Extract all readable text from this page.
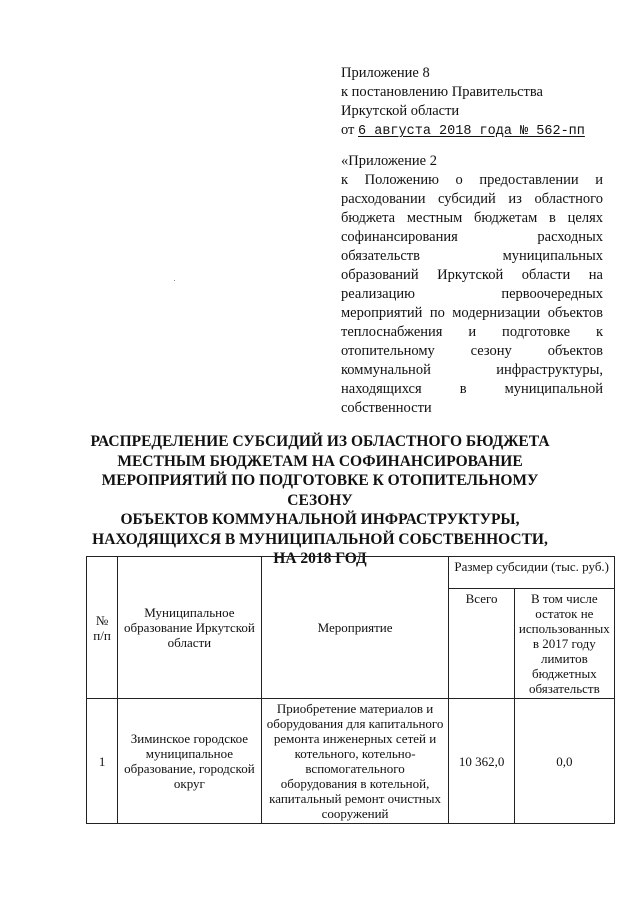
Приложение 8
к постановлению Правительства
Иркутской области
от 6 августа 2018 года № 562-пп
«Приложение 2
к Положению о предоставлении и расходовании субсидий из областного бюджета местным бюджетам в целях софинансирования расходных обязательств муниципальных образований Иркутской области на реализацию первоочередных мероприятий по модернизации объектов теплоснабжения и подготовке к отопительному сезону объектов коммунальной инфраструктуры, находящихся в муниципальной собственности
РАСПРЕДЕЛЕНИЕ СУБСИДИЙ ИЗ ОБЛАСТНОГО БЮДЖЕТА
МЕСТНЫМ БЮДЖЕТАМ НА СОФИНАНСИРОВАНИЕ
МЕРОПРИЯТИЙ ПО ПОДГОТОВКЕ К ОТОПИТЕЛЬНОМУ СЕЗОНУ
ОБЪЕКТОВ КОММУНАЛЬНОЙ ИНФРАСТРУКТУРЫ,
НАХОДЯЩИХСЯ В МУНИЦИПАЛЬНОЙ СОБСТВЕННОСТИ,
НА 2018 ГОД
№ п/п	Муниципальное образование Иркутской области	Мероприятие	Размер субсидии (тыс. руб.)	
			Всего	В том числе остаток не использованных в 2017 году лимитов бюджетных обязательств
1	Зиминское городское муниципальное образование, городской округ	Приобретение материалов и оборудования для капитального ремонта инженерных сетей и котельного, котельно-вспомогательного оборудования в котельной, капитальный ремонт очистных сооружений	10 362,0	0,0
